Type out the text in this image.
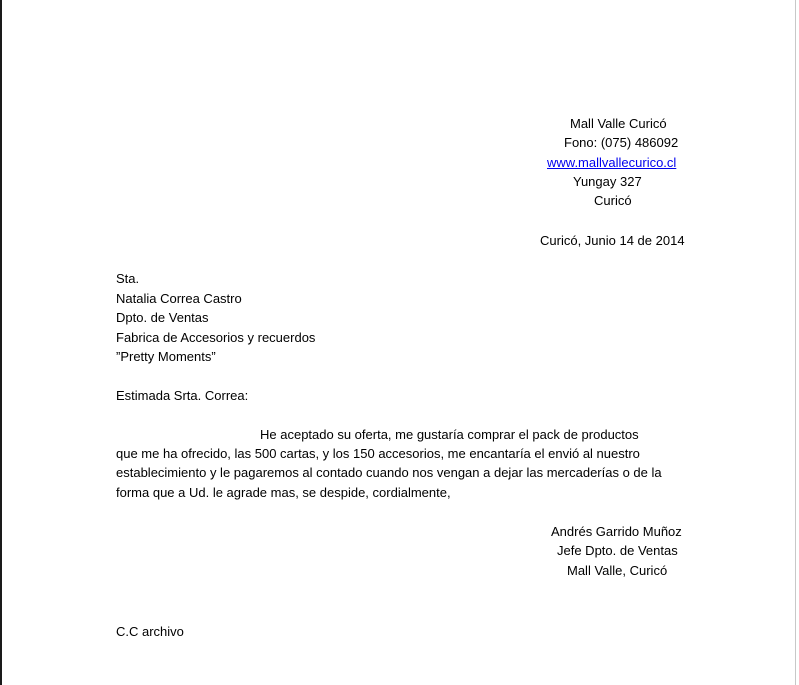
Mall Valle Curicó
Fono: (075) 486092
www.mallvallecurico.cl
Yungay 327
Curicó
Curicó, Junio 14 de 2014
Sta.
Natalia Correa Castro
Dpto. de Ventas
Fabrica de Accesorios y recuerdos
”Pretty Moments”
Estimada Srta. Correa:
He aceptado su oferta, me gustaría comprar el pack de productos
que me ha ofrecido, las 500 cartas, y los 150 accesorios, me encantaría el envió al nuestro
establecimiento y le pagaremos al contado cuando nos vengan a dejar las mercaderías o de la
forma que a Ud. le agrade mas, se despide, cordialmente,
Andrés Garrido Muñoz
Jefe Dpto. de Ventas
Mall Valle, Curicó
C.C archivo
